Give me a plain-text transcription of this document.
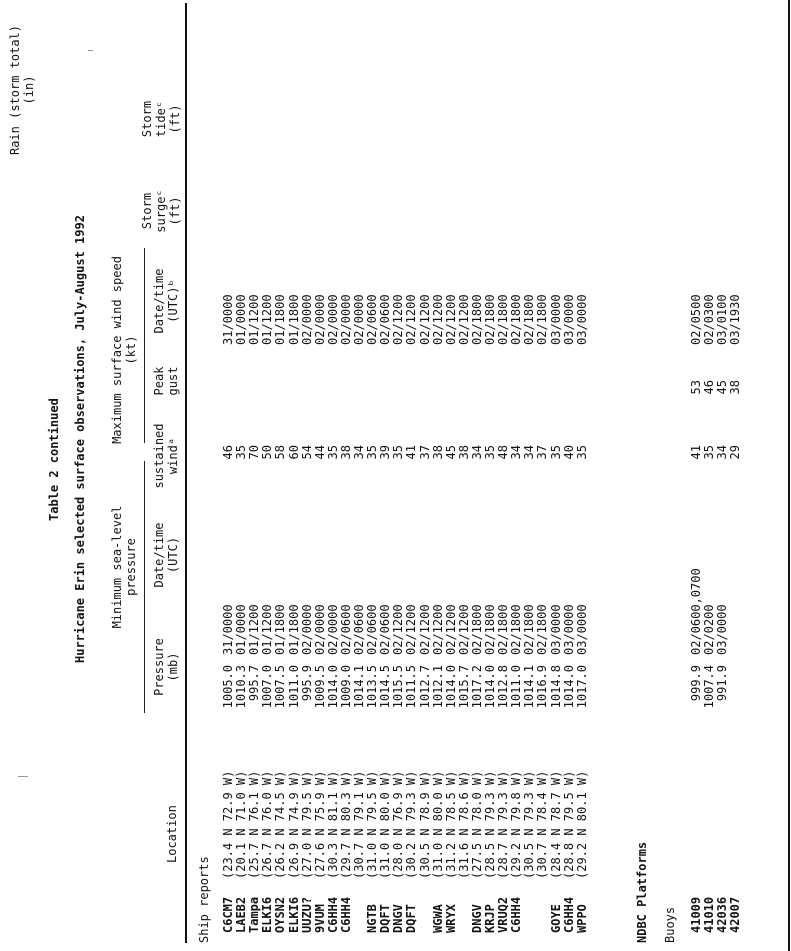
Table 2 continued Hurricane Erin selected surface observations, July-August 1992 Minimum sea-level pressure
Maximum surface wind speed (kt)
Location
Pressure (mb)
Date/time (UTC)
sustained windᵃ
Peak gust
Date/time (UTC)ᵇ
Storm surgeᶜ (ft)
Storm tideᶜ (ft)
Rain (storm total) (in)
Ship reports C6CM7
(23.4 N 72.9 W)
1005.0
31/0000
46
31/0000
LAEB2
(20.1 N 71.0 W)
1010.3
01/0000
35
01/0000
Tampa
(25.7 N 76.1 W)
995.7
01/1200
70
01/1200
ELKI6
(26.7 N 76.0 W)
1007.0
01/1200
50
01/1200
OYSN2
(26.2 N 74.5 W)
1007.5
01/1800
58
01/1800
ELKI6
(26.9 N 74.9 W)
1011.0
01/1800
60
01/1800
UUZU?
(27.0 N 79.5 W)
995.9
02/0000
54
02/0000
9VUM
(27.6 N 75.9 W)
1009.5
02/0000
44
02/0000
C6HH4
(30.3 N 81.1 W)
1014.0
02/0000
35
02/0000
C6HH4
(29.7 N 80.3 W)
1009.0
02/0600
38
02/0000
(30.7 N 79.1 W)
1014.1
02/0600
34
02/0000
NGTB
(31.0 N 79.5 W)
1013.5
02/0600
35
02/0600
DQFT
(31.0 N 80.0 W)
1014.5
02/0600
39
02/0600
DNGV
(28.0 N 76.9 W)
1015.5
02/1200
35
02/1200
DQFT
(30.2 N 79.3 W)
1011.5
02/1200
41
02/1200
(30.5 N 78.9 W)
1012.7
02/1200
37
02/1200
WGWA
(31.0 N 80.0 W)
1012.1
02/1200
38
02/1200
WRYX
(31.2 N 78.5 W)
1014.0
02/1200
45
02/1200
(31.6 N 78.6 W)
1015.7
02/1200
38
02/1200
DNGV
(27.5 N 78.0 W)
1017.2
02/1800
34
02/1800
KRJP
(28.5 N 79.3 W)
1014.0
02/1800
35
02/1800
VRUQ2
(28.7 N 79.3 W)
1012.8
02/1800
48
02/1800
C6HH4
(29.2 N 79.8 W)
1011.0
02/1800
34
02/1800
(30.5 N 79.3 W)
1014.1
02/1800
34
02/1800
(30.7 N 78.4 W)
1016.9
02/1800
37
02/1800
GOYE
(28.4 N 78.7 W)
1014.8
03/0000
35
03/0000
C6HH4
(28.8 N 79.5 W)
1014.0
03/0000
40
03/0000
WPPO
(29.2 N 80.1 W)
1017.0
03/0000
35
03/0000
41009
999.9
02/0600,0700
41
53
02/0500
41010
1007.4
02/0200
35
46
02/0300
42036
991.9
03/0000
34
45
03/0100
42007
29
38
03/1930
NDBC Platforms Buoys
